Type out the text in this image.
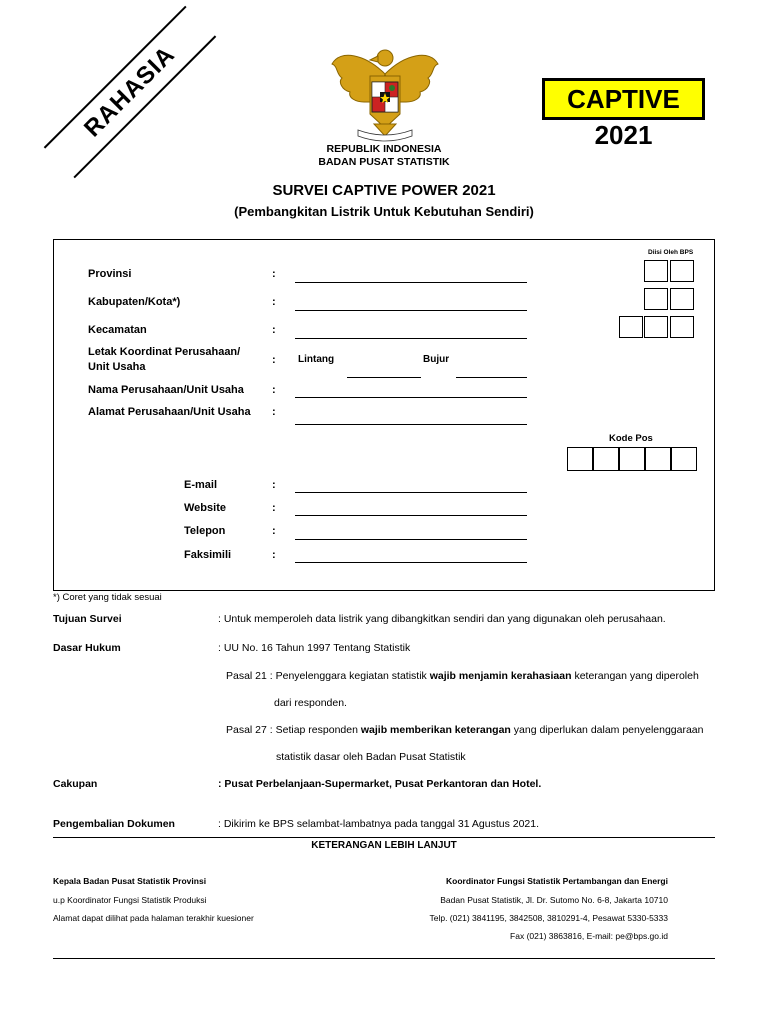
RAHASIA	CAPTIVE 2021
REPUBLIK INDONESIA
BADAN PUSAT STATISTIK
SURVEI CAPTIVE POWER 2021
(Pembangkitan Listrik Untuk Kebutuhan Sendiri)
Diisi Oleh BPS
Provinsi	:
Kabupaten/Kota*)	:
Kecamatan	:
Letak Koordinat Perusahaan/
Unit Usaha
: Lintang	Bujur
Nama Perusahaan/Unit Usaha	:
Alamat Perusahaan/Unit Usaha :
Kode Pos
E-mail	:
Website	:
Telepon	:
Faksimili	:
*) Coret yang tidak sesuai
Tujuan Survei	: Untuk memperoleh data listrik yang dibangkitkan sendiri dan yang digunakan oleh perusahaan.
Dasar Hukum	: UU No. 16 Tahun 1997 Tentang Statistik
Pasal 21 : Penyelenggara kegiatan statistik wajib menjamin kerahasiaan keterangan yang diperoleh
dari responden.
Pasal 27 : Setiap responden wajib memberikan keterangan yang diperlukan dalam penyelenggaraan
statistik dasar oleh Badan Pusat Statistik
Cakupan	: Pusat Perbelanjaan-Supermarket, Pusat Perkantoran dan Hotel.
Pengembalian Dokumen	: Dikirim ke BPS selambat-lambatnya pada tanggal 31 Agustus 2021.
KETERANGAN LEBIH LANJUT
Kepala Badan Pusat Statistik Provinsi
u.p Koordinator Fungsi Statistik Produksi
Alamat dapat dilihat pada halaman terakhir kuesioner
Koordinator Fungsi Statistik Pertambangan dan Energi
Badan Pusat Statistik, Jl. Dr. Sutomo No. 6-8, Jakarta 10710
Telp. (021) 3841195, 3842508, 3810291-4, Pesawat 5330-5333
Fax (021) 3863816, E-mail: pe@bps.go.id
